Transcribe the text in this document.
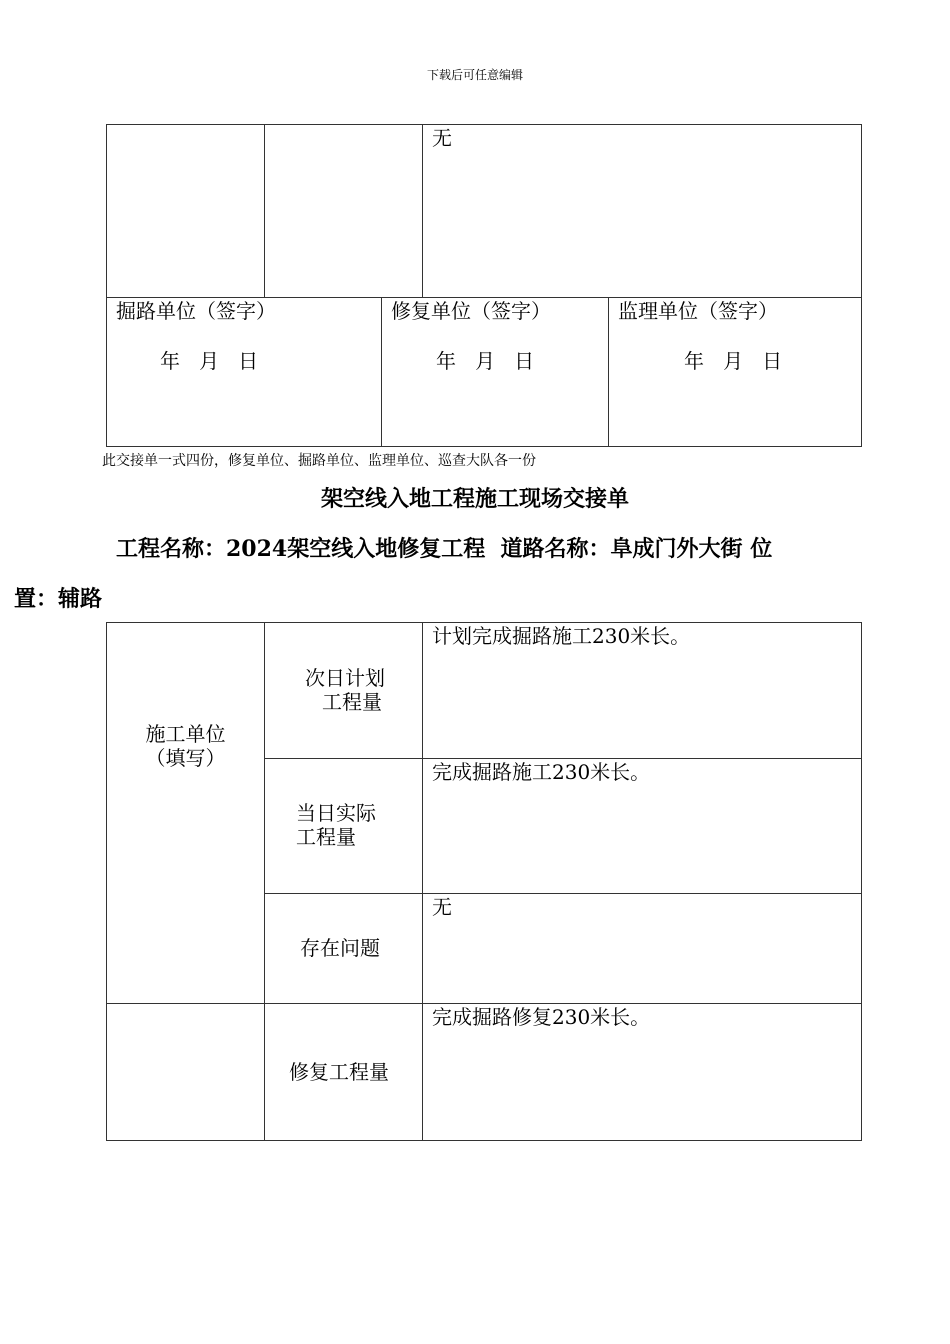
下载后可任意编辑
无
掘路单位（签字）
年   月   日
修复单位（签字）
年   月   日
监理单位（签字）
年   月   日
此交接单一式四份，修复单位、掘路单位、监理单位、巡查大队各一份
架空线入地工程施工现场交接单
工程名称：2024架空线入地修复工程  道路名称：阜成门外大街 位
置：辅路
施工单位
（填写）
次日计划
工程量
计划完成掘路施工230米长。
当日实际
工程量
完成掘路施工230米长。
存在问题
无
修复工程量
完成掘路修复230米长。
